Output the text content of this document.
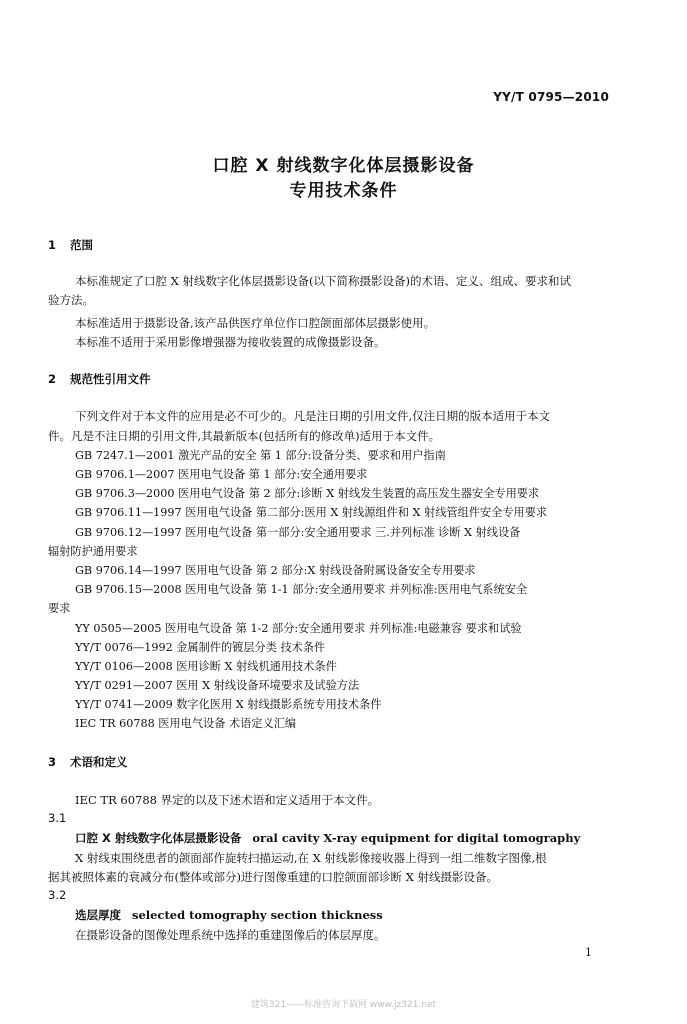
YY/T 0795—2010
口腔 X 射线数字化体层摄影设备
专用技术条件
1 范围
本标准规定了口腔 X 射线数字化体层摄影设备(以下简称摄影设备)的术语、定义、组成、要求和试
验方法。
本标准适用于摄影设备,该产品供医疗单位作口腔颌面部体层摄影使用。
本标准不适用于采用影像增强器为接收装置的成像摄影设备。
2 规范性引用文件
下列文件对于本文件的应用是必不可少的。凡是注日期的引用文件,仅注日期的版本适用于本文
件。凡是不注日期的引用文件,其最新版本(包括所有的修改单)适用于本文件。
GB 7247.1—2001 激光产品的安全 第 1 部分:设备分类、要求和用户指南
GB 9706.1—2007 医用电气设备 第 1 部分:安全通用要求
GB 9706.3—2000 医用电气设备 第 2 部分:诊断 X 射线发生装置的高压发生器安全专用要求
GB 9706.11—1997 医用电气设备 第二部分:医用 X 射线源组件和 X 射线管组件安全专用要求
GB 9706.12—1997 医用电气设备 第一部分:安全通用要求 三.并列标准 诊断 X 射线设备
辐射防护通用要求
GB 9706.14—1997 医用电气设备 第 2 部分:X 射线设备附属设备安全专用要求
GB 9706.15—2008 医用电气设备 第 1-1 部分:安全通用要求 并列标准:医用电气系统安全
要求
YY 0505—2005 医用电气设备 第 1-2 部分:安全通用要求 并列标准:电磁兼容 要求和试验
YY/T 0076—1992 金属制件的镀层分类 技术条件
YY/T 0106—2008 医用诊断 X 射线机通用技术条件
YY/T 0291—2007 医用 X 射线设备环境要求及试验方法
YY/T 0741—2009 数字化医用 X 射线摄影系统专用技术条件
IEC TR 60788 医用电气设备 术语定义汇编
3 术语和定义
IEC TR 60788 界定的以及下述术语和定义适用于本文件。
3.1
口腔 X 射线数字化体层摄影设备 oral cavity X-ray equipment for digital tomography
X 射线束围绕患者的颌面部作旋转扫描运动,在 X 射线影像接收器上得到一组二维数字图像,根
据其被照体素的衰减分布(整体或部分)进行图像重建的口腔颌面部诊断 X 射线摄影设备。
3.2
选层厚度 selected tomography section thickness
在摄影设备的图像处理系统中选择的重建图像后的体层厚度。
1
建筑321——标准咨询下载网 www.jz321.net
